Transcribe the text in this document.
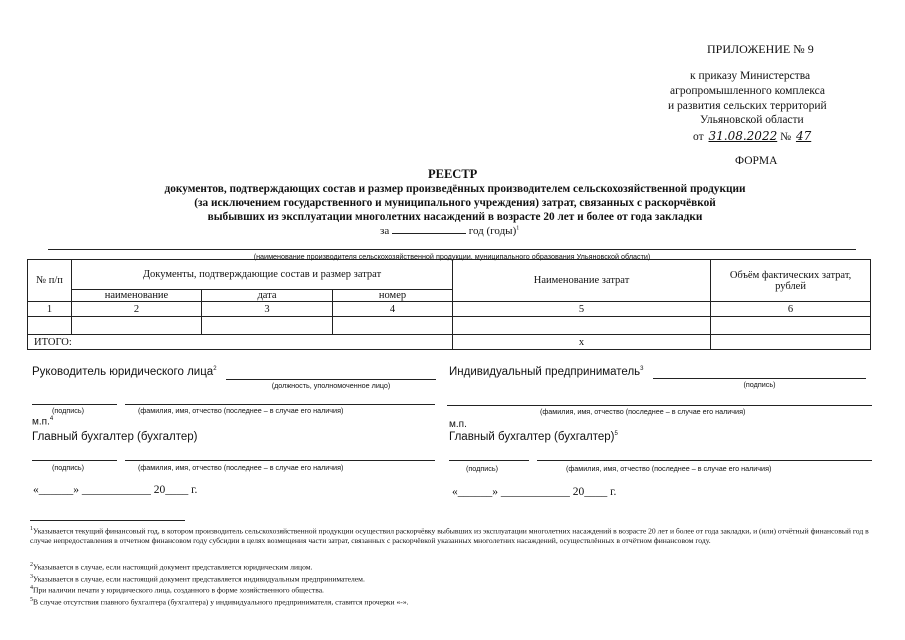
ПРИЛОЖЕНИЕ № 9
к приказу Министерства
агропромышленного комплекса
и развития сельских территорий
Ульяновской области
от 31.08.2022 № 47
ФОРМА
РЕЕСТР
документов, подтверждающих состав и размер произведённых производителем сельскохозяйственной продукции
(за исключением государственного и муниципального учреждения) затрат, связанных с раскорчёвкой
выбывших из эксплуатации многолетних насаждений в возрасте 20 лет и более от года закладки
за	год (годы)$^1$
(наименование производителя сельскохозяйственной продукции, муниципального образования Ульяновской области)
№ п/п	Документы, подтверждающие состав и размер затрат			Наименование затрат	Объём фактических затрат, рублей
	наименование	дата	номер		
1	2	3	4	5	6

ИТОГО:				x	
Руководитель юридического лица$^2$
(должность, уполномоченное лицо)
(подпись)	(фамилия, имя, отчество (последнее – в случае его наличия)
м.п.$^4$
Главный бухгалтер (бухгалтер)
(подпись)	(фамилия, имя, отчество (последнее – в случае его наличия)
«______» ____________ 20____ г.
Индивидуальный предприниматель$^3$
(подпись)
(фамилия, имя, отчество (последнее – в случае его наличия)
м.п.
Главный бухгалтер (бухгалтер)$^5$
(подпись)	(фамилия, имя, отчество (последнее – в случае его наличия)
«______» ____________ 20____ г.
$^1$Указывается текущий финансовый год, в котором производитель сельскохозяйственной продукции осуществил раскорчёвку выбывших из эксплуатации многолетних насаждений в возрасте 20 лет и более от года закладки, и (или) отчётный финансовый год в случае непредоставления в отчетном финансовом году субсидии в целях возмещения части затрат, связанных с раскорчёвкой указанных многолетних насаждений, осуществлённых в отчётном финансовом году.
$^2$Указывается в случае, если настоящий документ представляется юридическим лицом.
$^3$Указывается в случае, если настоящий документ представляется индивидуальным предпринимателем.
$^4$При наличии печати у юридического лица, созданного в форме хозяйственного общества.
$^5$В случае отсутствия главного бухгалтера (бухгалтера) у индивидуального предпринимателя, ставятся прочерки «-».
